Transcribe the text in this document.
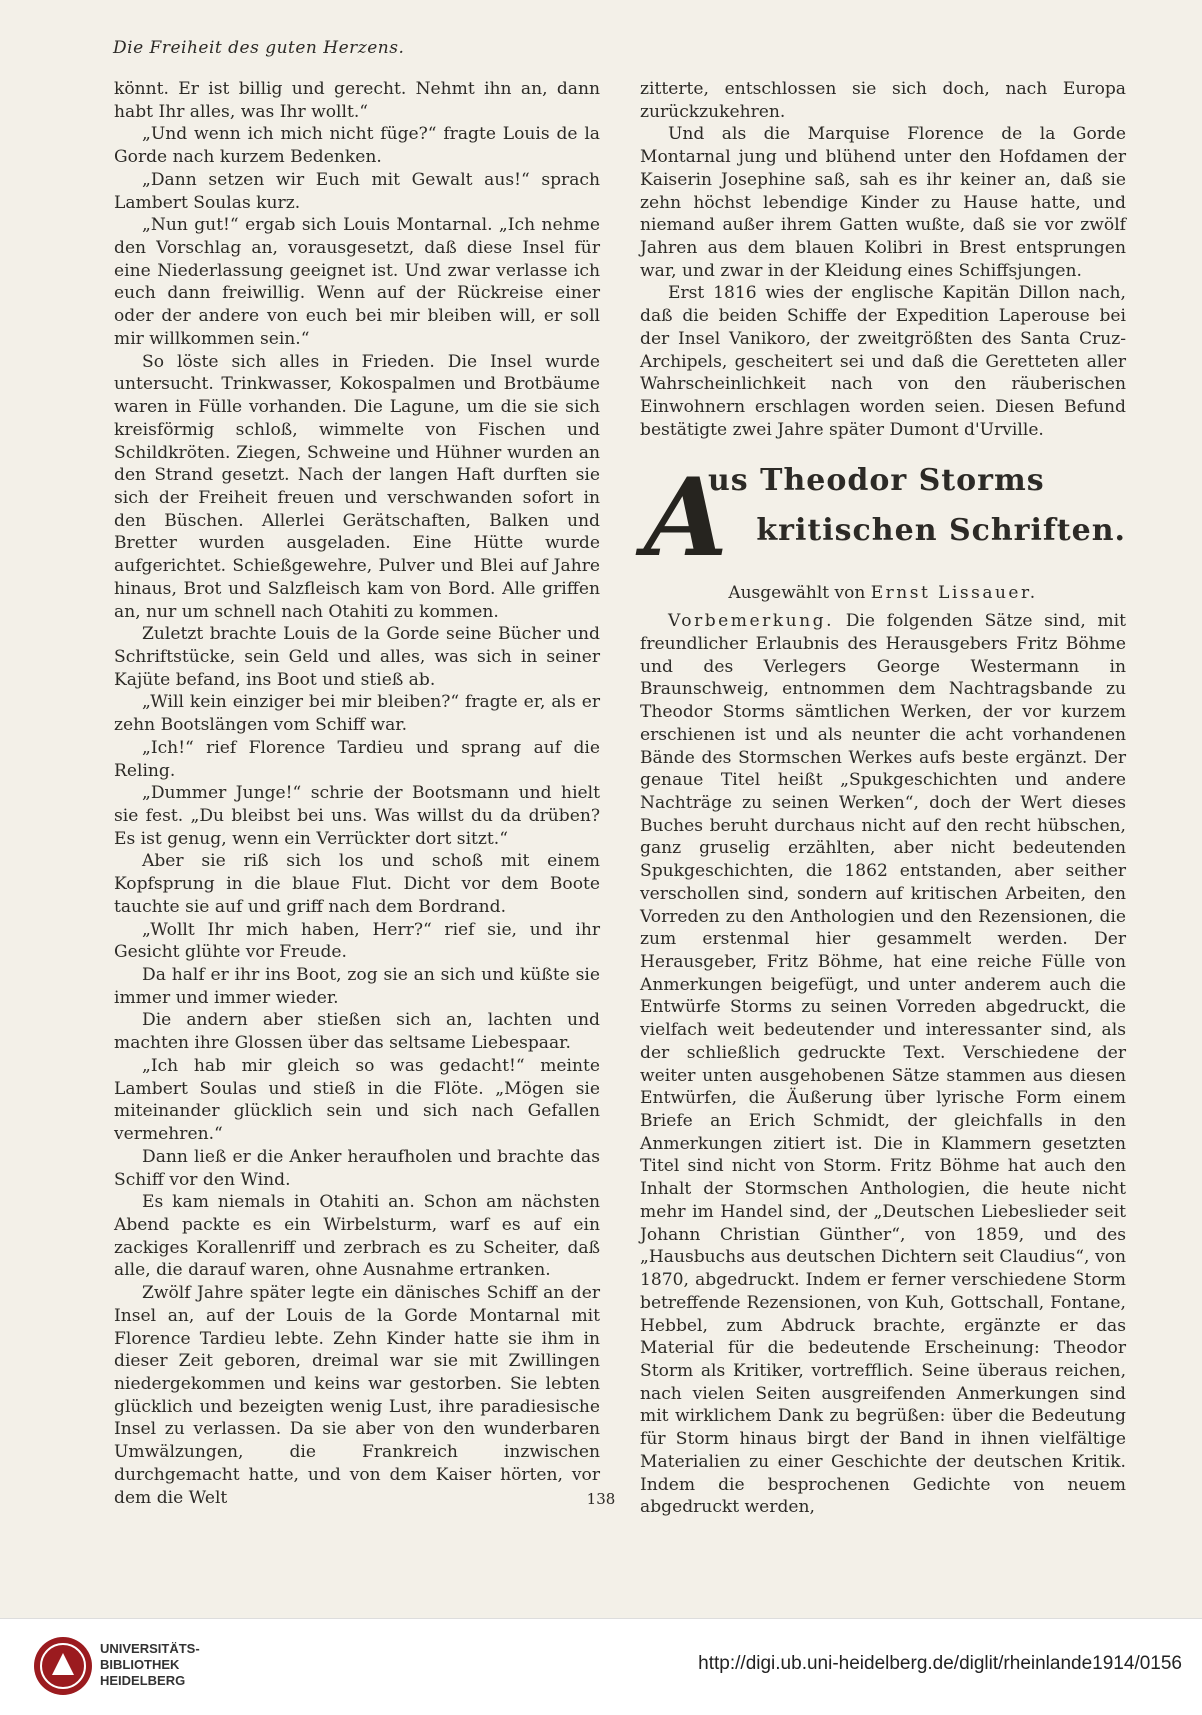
Die Freiheit des guten Herzens.

könnt. Er ist billig und gerecht. Nehmt ihn an, dann habt Ihr alles, was Ihr wollt.“

„Und wenn ich mich nicht füge?“ fragte Louis de la Gorde nach kurzem Bedenken.

„Dann setzen wir Euch mit Gewalt aus!“ sprach Lambert Soulas kurz.

„Nun gut!“ ergab sich Louis Montarnal. „Ich nehme den Vorschlag an, vorausgesetzt, daß diese Insel für eine Niederlassung geeignet ist. Und zwar verlasse ich euch dann freiwillig. Wenn auf der Rückreise einer oder der andere von euch bei mir bleiben will, er soll mir willkommen sein.“

So löste sich alles in Frieden. Die Insel wurde untersucht. Trinkwasser, Kokospalmen und Brotbäume waren in Fülle vorhanden. Die Lagune, um die sie sich kreisförmig schloß, wimmelte von Fischen und Schildkröten. Ziegen, Schweine und Hühner wurden an den Strand gesetzt. Nach der langen Haft durften sie sich der Freiheit freuen und verschwanden sofort in den Büschen. Allerlei Gerätschaften, Balken und Bretter wurden ausgeladen. Eine Hütte wurde aufgerichtet. Schießgewehre, Pulver und Blei auf Jahre hinaus, Brot und Salzfleisch kam von Bord. Alle griffen an, nur um schnell nach Otahiti zu kommen.

Zuletzt brachte Louis de la Gorde seine Bücher und Schriftstücke, sein Geld und alles, was sich in seiner Kajüte befand, ins Boot und stieß ab.

„Will kein einziger bei mir bleiben?“ fragte er, als er zehn Bootslängen vom Schiff war.

„Ich!“ rief Florence Tardieu und sprang auf die Reling.

„Dummer Junge!“ schrie der Bootsmann und hielt sie fest. „Du bleibst bei uns. Was willst du da drüben? Es ist genug, wenn ein Verrückter dort sitzt.“

Aber sie riß sich los und schoß mit einem Kopfsprung in die blaue Flut. Dicht vor dem Boote tauchte sie auf und griff nach dem Bordrand.

„Wollt Ihr mich haben, Herr?“ rief sie, und ihr Gesicht glühte vor Freude.

Da half er ihr ins Boot, zog sie an sich und küßte sie immer und immer wieder.

Die andern aber stießen sich an, lachten und machten ihre Glossen über das seltsame Liebespaar.

„Ich hab mir gleich so was gedacht!“ meinte Lambert Soulas und stieß in die Flöte. „Mögen sie miteinander glücklich sein und sich nach Gefallen vermehren.“

Dann ließ er die Anker heraufholen und brachte das Schiff vor den Wind.

Es kam niemals in Otahiti an. Schon am nächsten Abend packte es ein Wirbelsturm, warf es auf ein zackiges Korallenriff und zerbrach es zu Scheiter, daß alle, die darauf waren, ohne Ausnahme ertranken.

Zwölf Jahre später legte ein dänisches Schiff an der Insel an, auf der Louis de la Gorde Montarnal mit Florence Tardieu lebte. Zehn Kinder hatte sie ihm in dieser Zeit geboren, dreimal war sie mit Zwillingen niedergekommen und keins war gestorben. Sie lebten glücklich und bezeigten wenig Lust, ihre paradiesische Insel zu verlassen. Da sie aber von den wunderbaren Umwälzungen, die Frankreich inzwischen durchgemacht hatte, und von dem Kaiser hörten, vor dem die Welt

zitterte, entschlossen sie sich doch, nach Europa zurückzukehren.

Und als die Marquise Florence de la Gorde Montarnal jung und blühend unter den Hofdamen der Kaiserin Josephine saß, sah es ihr keiner an, daß sie zehn höchst lebendige Kinder zu Hause hatte, und niemand außer ihrem Gatten wußte, daß sie vor zwölf Jahren aus dem blauen Kolibri in Brest entsprungen war, und zwar in der Kleidung eines Schiffsjungen.

Erst 1816 wies der englische Kapitän Dillon nach, daß die beiden Schiffe der Expedition Laperouse bei der Insel Vanikoro, der zweitgrößten des Santa Cruz-Archipels, gescheitert sei und daß die Geretteten aller Wahrscheinlichkeit nach von den räuberischen Einwohnern erschlagen worden seien. Diesen Befund bestätigte zwei Jahre später Dumont d'Urville.

A
us Theodor Storms
kritischen Schriften.
Ausgewählt von Ernst Lissauer.

Vorbemerkung. Die folgenden Sätze sind, mit freundlicher Erlaubnis des Herausgebers Fritz Böhme und des Verlegers George Westermann in Braunschweig, entnommen dem Nachtragsbande zu Theodor Storms sämtlichen Werken, der vor kurzem erschienen ist und als neunter die acht vorhandenen Bände des Stormschen Werkes aufs beste ergänzt. Der genaue Titel heißt „Spukgeschichten und andere Nachträge zu seinen Werken“, doch der Wert dieses Buches beruht durchaus nicht auf den recht hübschen, ganz gruselig erzählten, aber nicht bedeutenden Spukgeschichten, die 1862 entstanden, aber seither verschollen sind, sondern auf kritischen Arbeiten, den Vorreden zu den Anthologien und den Rezensionen, die zum erstenmal hier gesammelt werden. Der Herausgeber, Fritz Böhme, hat eine reiche Fülle von Anmerkungen beigefügt, und unter anderem auch die Entwürfe Storms zu seinen Vorreden abgedruckt, die vielfach weit bedeutender und interessanter sind, als der schließlich gedruckte Text. Verschiedene der weiter unten ausgehobenen Sätze stammen aus diesen Entwürfen, die Äußerung über lyrische Form einem Briefe an Erich Schmidt, der gleichfalls in den Anmerkungen zitiert ist. Die in Klammern gesetzten Titel sind nicht von Storm. Fritz Böhme hat auch den Inhalt der Stormschen Anthologien, die heute nicht mehr im Handel sind, der „Deutschen Liebeslieder seit Johann Christian Günther“, von 1859, und des „Hausbuchs aus deutschen Dichtern seit Claudius“, von 1870, abgedruckt. Indem er ferner verschiedene Storm betreffende Rezensionen, von Kuh, Gottschall, Fontane, Hebbel, zum Abdruck brachte, ergänzte er das Material für die bedeutende Erscheinung: Theodor Storm als Kritiker, vortrefflich. Seine überaus reichen, nach vielen Seiten ausgreifenden Anmerkungen sind mit wirklichem Dank zu begrüßen: über die Bedeutung für Storm hinaus birgt der Band in ihnen vielfältige Materialien zu einer Geschichte der deutschen Kritik. Indem die besprochenen Gedichte von neuem abgedruckt werden,

138
UNIVERSITÄTS-
BIBLIOTHEK
HEIDELBERG
http://digi.ub.uni-heidelberg.de/diglit/rheinlande1914/0156
